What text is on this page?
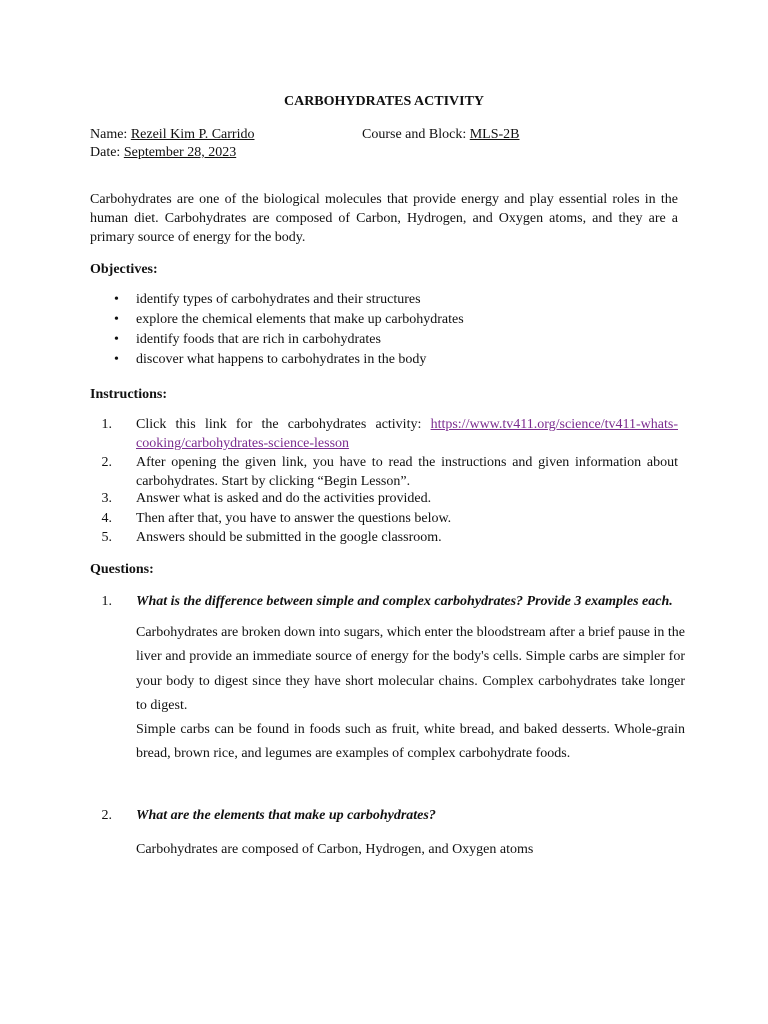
CARBOHYDRATES ACTIVITY
Name: Rezeil Kim P. Carrido	Course and Block: MLS-2B
Date: September 28, 2023
Carbohydrates are one of the biological molecules that provide energy and play essential roles in the human diet. Carbohydrates are composed of Carbon, Hydrogen, and Oxygen atoms, and they are a primary source of energy for the body.
Objectives:
• identify types of carbohydrates and their structures
• explore the chemical elements that make up carbohydrates
• identify foods that are rich in carbohydrates
• discover what happens to carbohydrates in the body
Instructions:
1. Click this link for the carbohydrates activity: https://www.tv411.org/science/tv411-whats-cooking/carbohydrates-science-lesson
2. After opening the given link, you have to read the instructions and given information about carbohydrates. Start by clicking “Begin Lesson”.
3. Answer what is asked and do the activities provided.
4. Then after that, you have to answer the questions below.
5. Answers should be submitted in the google classroom.
Questions:
1. What is the difference between simple and complex carbohydrates? Provide 3 examples each.
Carbohydrates are broken down into sugars, which enter the bloodstream after a brief pause in the liver and provide an immediate source of energy for the body's cells. Simple carbs are simpler for your body to digest since they have short molecular chains. Complex carbohydrates take longer to digest.
Simple carbs can be found in foods such as fruit, white bread, and baked desserts. Whole-grain bread, brown rice, and legumes are examples of complex carbohydrate foods.
2. What are the elements that make up carbohydrates?
Carbohydrates are composed of Carbon, Hydrogen, and Oxygen atoms
